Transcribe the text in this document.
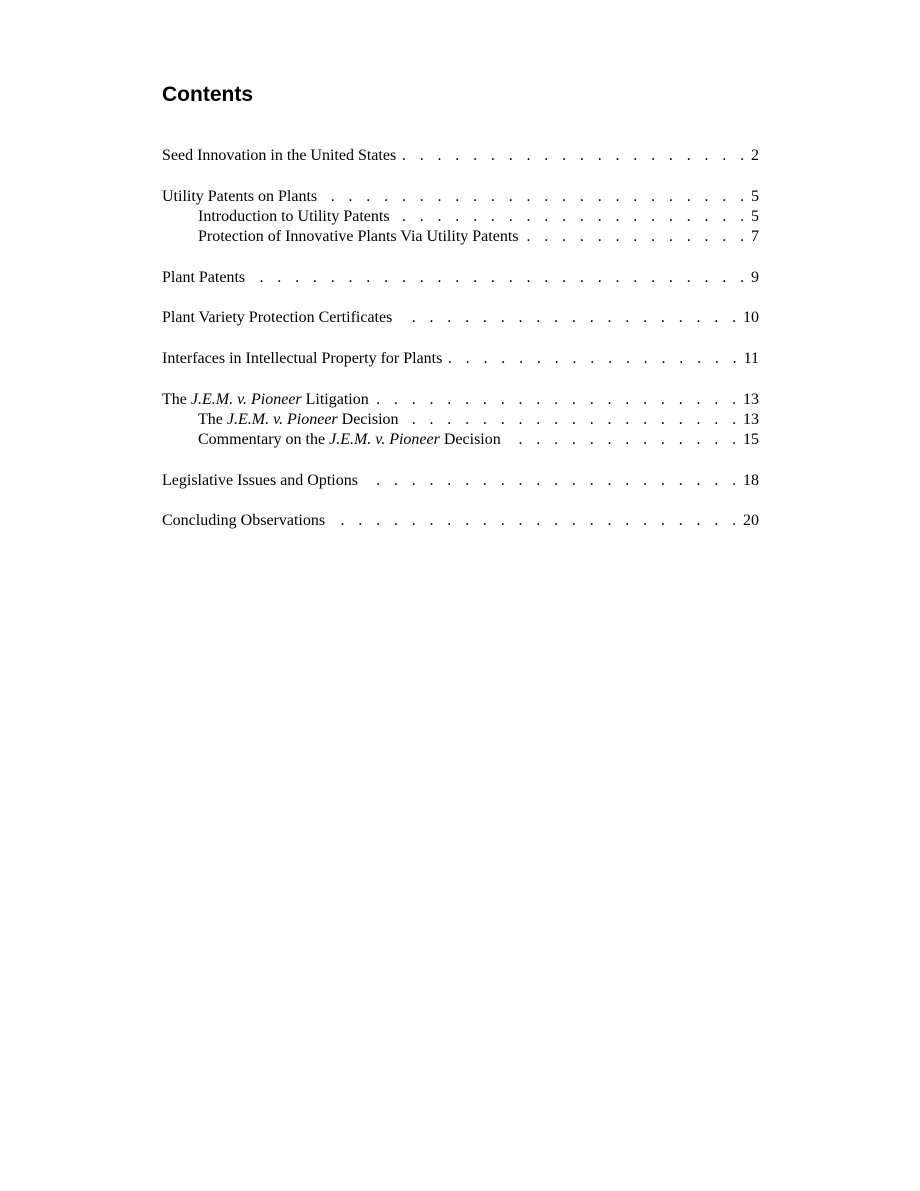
Contents
Seed Innovation in the United States . . .	2
Utility Patents on Plants . . .	5
Introduction to Utility Patents . . .	5
Protection of Innovative Plants Via Utility Patents . . .	7
Plant Patents . . .	9
Plant Variety Protection Certificates . . .	10
Interfaces in Intellectual Property for Plants . . .	11
The J.E.M. v. Pioneer Litigation . . .	13
The J.E.M. v. Pioneer Decision . . .	13
Commentary on the J.E.M. v. Pioneer Decision . . .	15
Legislative Issues and Options . . .	18
Concluding Observations . . .	20
